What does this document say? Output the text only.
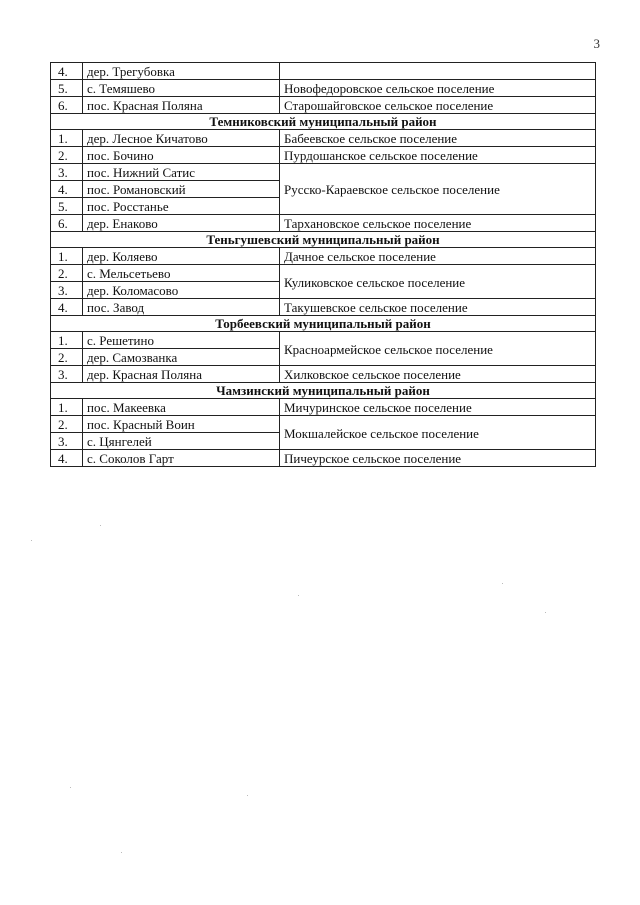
3
4.	дер. Трегубовка	
5.	с. Темяшево	Новофедоровское сельское поселение
6.	пос. Красная Поляна	Старошайговское сельское поселение
Темниковский муниципальный район		
1.	дер. Лесное Кичатово	Бабеевское сельское поселение
2.	пос. Бочино	Пурдошанское сельское поселение
3.	пос. Нижний Сатис	Русско-Караевское сельское поселение
4.	пос. Романовский	
5.	пос. Росстанье	
6.	дер. Енаково	Тархановское сельское поселение
Теньгушевский муниципальный район		
1.	дер. Коляево	Дачное сельское поселение
2.	с. Мельсетьево	Куликовское сельское поселение
3.	дер. Коломасово	
4.	пос. Завод	Такушевское сельское поселение
Торбеевский муниципальный район		
1.	с. Решетино	Красноармейское сельское поселение
2.	дер. Самозванка	
3.	дер. Красная Поляна	Хилковское сельское поселение
Чамзинский муниципальный район		
1.	пос. Макеевка	Мичуринское сельское поселение
2.	пос. Красный Воин	Мокшалейское сельское поселение
3.	с. Цянгелей	
4.	с. Соколов Гарт	Пичеурское сельское поселение
